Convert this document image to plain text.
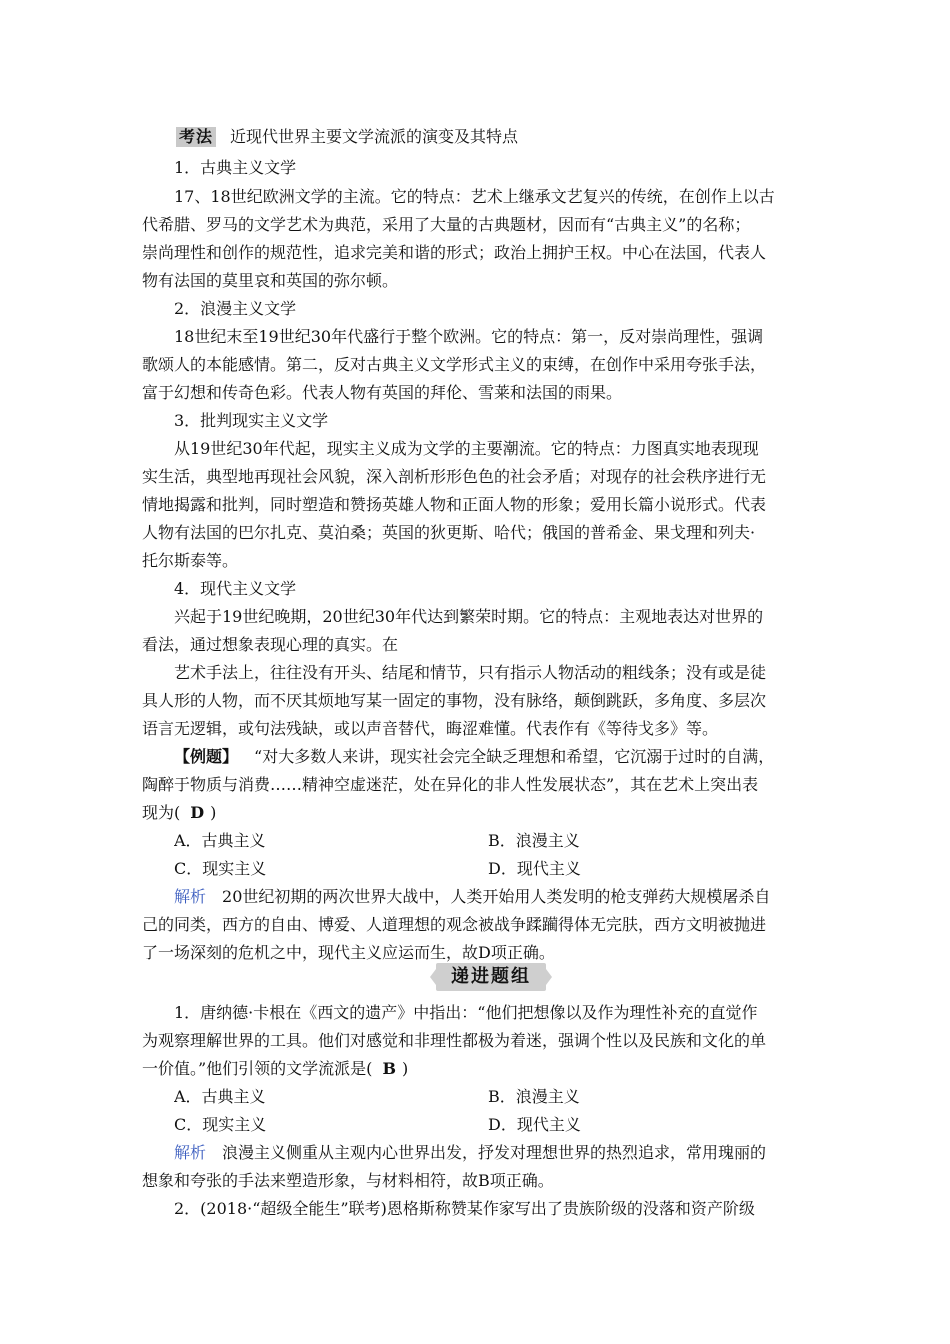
考法 近现代世界主要文学流派的演变及其特点
1．古典主义文学
17、18世纪欧洲文学的主流。它的特点：艺术上继承文艺复兴的传统，在创作上以古
代希腊、罗马的文学艺术为典范，采用了大量的古典题材，因而有“古典主义”的名称；
崇尚理性和创作的规范性，追求完美和谐的形式；政治上拥护王权。中心在法国，代表人
物有法国的莫里哀和英国的弥尔顿。
2．浪漫主义文学
18世纪末至19世纪30年代盛行于整个欧洲。它的特点：第一，反对崇尚理性，强调
歌颂人的本能感情。第二，反对古典主义文学形式主义的束缚，在创作中采用夸张手法，
富于幻想和传奇色彩。代表人物有英国的拜伦、雪莱和法国的雨果。
3．批判现实主义文学
从19世纪30年代起，现实主义成为文学的主要潮流。它的特点：力图真实地表现现
实生活，典型地再现社会风貌，深入剖析形形色色的社会矛盾；对现存的社会秩序进行无
情地揭露和批判，同时塑造和赞扬英雄人物和正面人物的形象；爱用长篇小说形式。代表
人物有法国的巴尔扎克、莫泊桑；英国的狄更斯、哈代；俄国的普希金、果戈理和列夫·
托尔斯泰等。
4．现代主义文学
兴起于19世纪晚期，20世纪30年代达到繁荣时期。它的特点：主观地表达对世界的
看法，通过想象表现心理的真实。在
艺术手法上，往往没有开头、结尾和情节，只有指示人物活动的粗线条；没有或是徒
具人形的人物，而不厌其烦地写某一固定的事物，没有脉络，颠倒跳跃，多角度、多层次
语言无逻辑，或句法残缺，或以声音替代，晦涩难懂。代表作有《等待戈多》等。
【例题】 “对大多数人来讲，现实社会完全缺乏理想和希望，它沉溺于过时的自满，
陶醉于物质与消费……精神空虚迷茫，处在异化的非人性发展状态”，其在艺术上突出表
现为( D )
A．古典主义	B．浪漫主义
C．现实主义	D．现代主义
解析 20世纪初期的两次世界大战中，人类开始用人类发明的枪支弹药大规模屠杀自
己的同类，西方的自由、博爱、人道理想的观念被战争蹂躏得体无完肤，西方文明被抛进
了一场深刻的危机之中，现代主义应运而生，故D项正确。
递进题组
1．唐纳德·卡根在《西文的遗产》中指出：“他们把想像以及作为理性补充的直觉作
为观察理解世界的工具。他们对感觉和非理性都极为着迷，强调个性以及民族和文化的单
一价值。”他们引领的文学流派是( B )
A．古典主义	B．浪漫主义
C．现实主义	D．现代主义
解析 浪漫主义侧重从主观内心世界出发，抒发对理想世界的热烈追求，常用瑰丽的
想象和夸张的手法来塑造形象，与材料相符，故B项正确。
2．(2018·“超级全能生”联考)恩格斯称赞某作家写出了贵族阶级的没落和资产阶级
